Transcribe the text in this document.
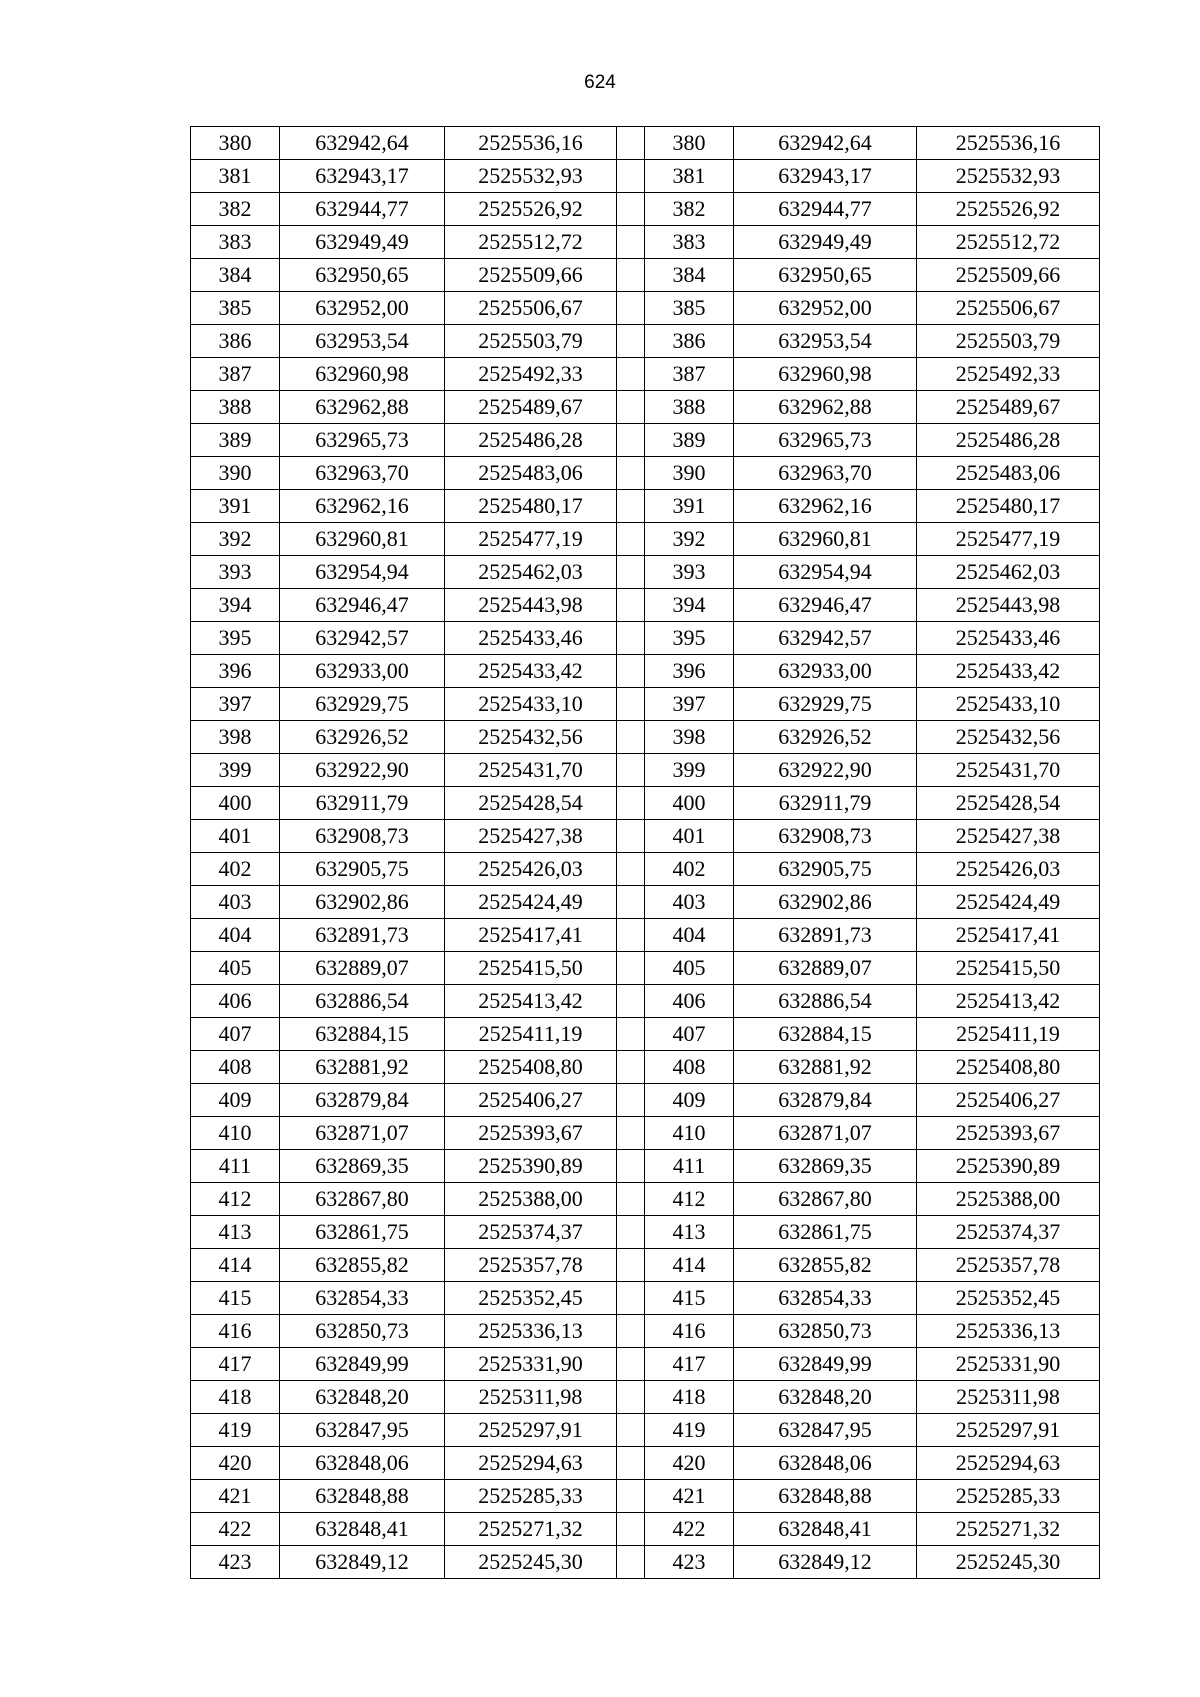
624
380	632942,64	2525536,16		380	632942,64	2525536,16
381	632943,17	2525532,93		381	632943,17	2525532,93
382	632944,77	2525526,92		382	632944,77	2525526,92
383	632949,49	2525512,72		383	632949,49	2525512,72
384	632950,65	2525509,66		384	632950,65	2525509,66
385	632952,00	2525506,67		385	632952,00	2525506,67
386	632953,54	2525503,79		386	632953,54	2525503,79
387	632960,98	2525492,33		387	632960,98	2525492,33
388	632962,88	2525489,67		388	632962,88	2525489,67
389	632965,73	2525486,28		389	632965,73	2525486,28
390	632963,70	2525483,06		390	632963,70	2525483,06
391	632962,16	2525480,17		391	632962,16	2525480,17
392	632960,81	2525477,19		392	632960,81	2525477,19
393	632954,94	2525462,03		393	632954,94	2525462,03
394	632946,47	2525443,98		394	632946,47	2525443,98
395	632942,57	2525433,46		395	632942,57	2525433,46
396	632933,00	2525433,42		396	632933,00	2525433,42
397	632929,75	2525433,10		397	632929,75	2525433,10
398	632926,52	2525432,56		398	632926,52	2525432,56
399	632922,90	2525431,70		399	632922,90	2525431,70
400	632911,79	2525428,54		400	632911,79	2525428,54
401	632908,73	2525427,38		401	632908,73	2525427,38
402	632905,75	2525426,03		402	632905,75	2525426,03
403	632902,86	2525424,49		403	632902,86	2525424,49
404	632891,73	2525417,41		404	632891,73	2525417,41
405	632889,07	2525415,50		405	632889,07	2525415,50
406	632886,54	2525413,42		406	632886,54	2525413,42
407	632884,15	2525411,19		407	632884,15	2525411,19
408	632881,92	2525408,80		408	632881,92	2525408,80
409	632879,84	2525406,27		409	632879,84	2525406,27
410	632871,07	2525393,67		410	632871,07	2525393,67
411	632869,35	2525390,89		411	632869,35	2525390,89
412	632867,80	2525388,00		412	632867,80	2525388,00
413	632861,75	2525374,37		413	632861,75	2525374,37
414	632855,82	2525357,78		414	632855,82	2525357,78
415	632854,33	2525352,45		415	632854,33	2525352,45
416	632850,73	2525336,13		416	632850,73	2525336,13
417	632849,99	2525331,90		417	632849,99	2525331,90
418	632848,20	2525311,98		418	632848,20	2525311,98
419	632847,95	2525297,91		419	632847,95	2525297,91
420	632848,06	2525294,63		420	632848,06	2525294,63
421	632848,88	2525285,33		421	632848,88	2525285,33
422	632848,41	2525271,32		422	632848,41	2525271,32
423	632849,12	2525245,30		423	632849,12	2525245,30
